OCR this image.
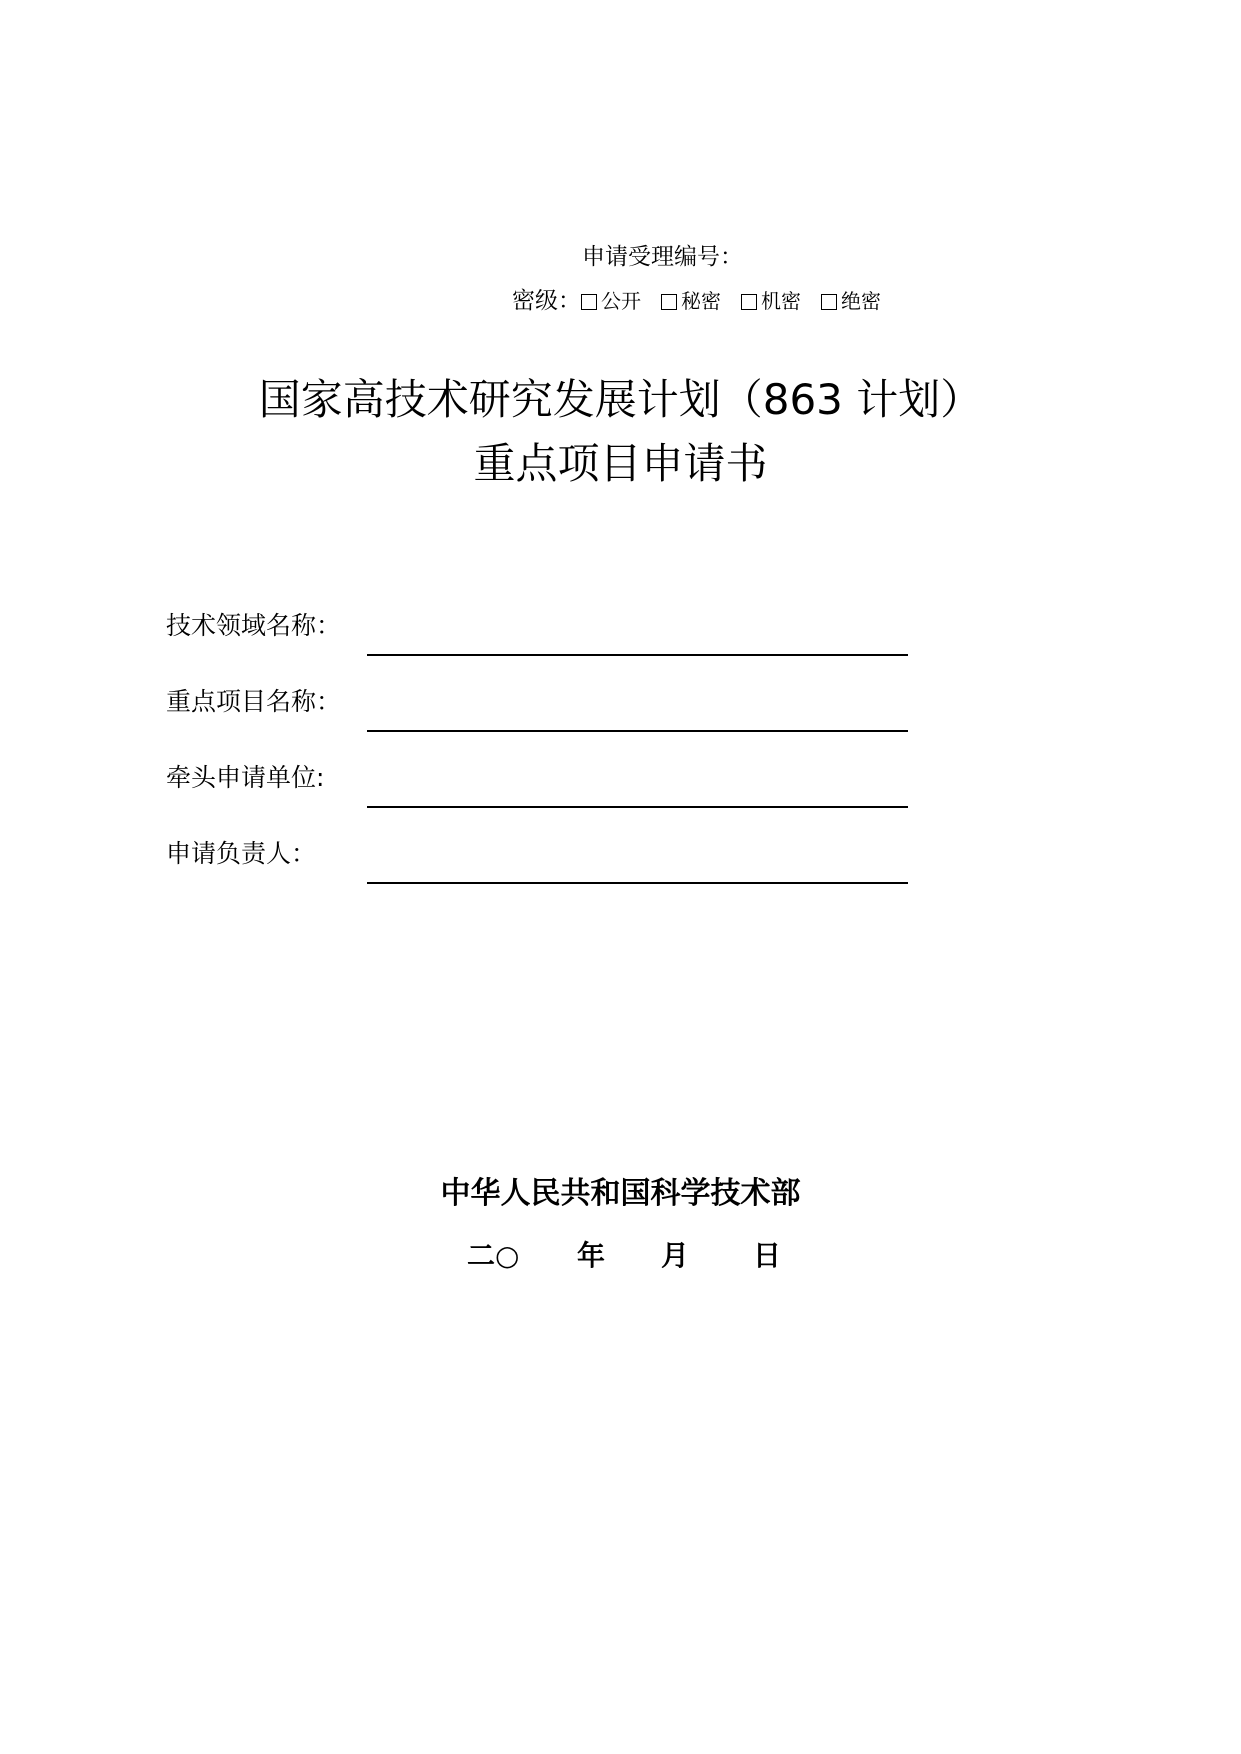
申请受理编号：
密级： 公开 秘密 机密 绝密
国家高技术研究发展计划（863 计划）
重点项目申请书
技术领域名称：
重点项目名称：
牵头申请单位:
申请负责人：
中华人民共和国科学技术部
二○ 年 月 日
